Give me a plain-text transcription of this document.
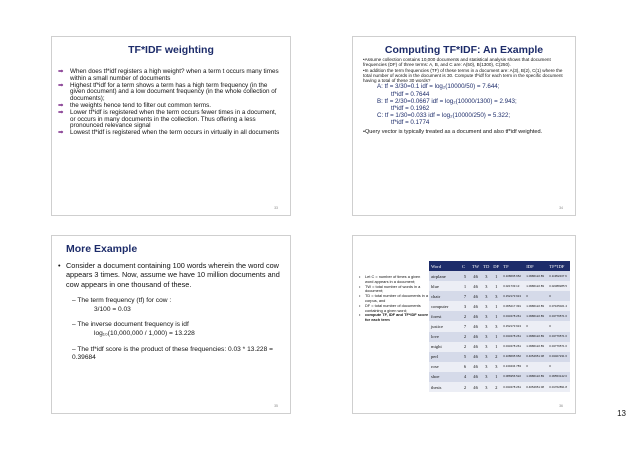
TF*IDF weighting
➡ When does tf*idf registers a high weight? when a term t occurs many times within a small number of documents
➡ Highest tf*idf for a term shows a term has a high term frequency (in the given document) and a low document frequency (in the whole collection of documents);
➡ the weights hence tend to filter out common terms.
➡ Lower tf*idf is registered when the term occurs fewer times in a document, or occurs in many documents in the collection. Thus offering a less pronounced relevance signal
➡ Lowest tf*idf is registered when the term occurs in virtually in all documents
33
Computing TF*IDF: An Example
•Assume collection contains 10,000 documents and statistical analysis shows that document frequencies (DF) of three terms: A, B, and C are: A(50), B(1300), C(250).
•In addition the term frequencies (TF) of these terms in a document are: A(3), B(2), C(1) where the total number of words in the document is 30. Compute tf*idf for each term in the specific document having a total of these 30 words?
A: tf = 3/30=0.1 idf = log₂(10000/50) = 7.644;
tf*idf = 0.7644
B: tf = 2/30=0.0667 idf = log₂(10000/1300) = 2.943;
tf*idf = 0.1962
C: tf = 1/30=0.033 idf = log₂(10000/250) = 5.322;
tf*idf = 0.1774
•Query vector is typically treated as a document and also tf*idf weighted.
34
More Example
• Consider a document containing 100 words wherein the word cow appears 3 times. Now, assume we have 10 million documents and cow appears in one thousand of these.
– The term frequency (tf) for cow :
3/100 = 0.03
– The inverse document frequency is idf
log₁₀(10,000,000 / 1,000) = 13.228
– The tf*idf score is the product of these frequencies: 0.03 * 13.228 = 0.39684
35
• Let C = number of times a given word appears in a document;
• TW = total number of words in a document;
• TD = total number of documents in a corpus, and
• DF = total number of documents containing a given word;
• compute TF, IDF and TF*IDF score for each term
Word	C	TW	TD	DF	TF	IDF	TF*IDF
airplane	5	46	3	1	0.108695 652	1.0986122 89	0.11952437 9
blue	1	46	3	1	0.021739 13	1.0986122 89	0.02388285 5
chair	7	46	3	3	0.152173 913	0	0
computer	3	46	3	1	0.065217 391	1.0986122 89	0.07165021 4
forest	2	46	3	1	0.043478 261	1.0986122 89	0.04776571 0
justice	7	46	3	3	0.152173 913	0	0
love	2	46	3	1	0.043478 261	1.0986122 89	0.04776571 0
might	2	46	3	1	0.043478 261	1.0986122 89	0.04776571 0
perl	5	46	3	2	0.108695 652	0.4054651 08	0.04407231 6
rose	6	46	3	3	0.130434 783	0	0
shoe	4	46	3	1	0.086956 522	1.0986122 89	0.09553142 0
thesis	2	46	3	2	0.043478 261	0.4054651 08	0.01762891 8
36
13
